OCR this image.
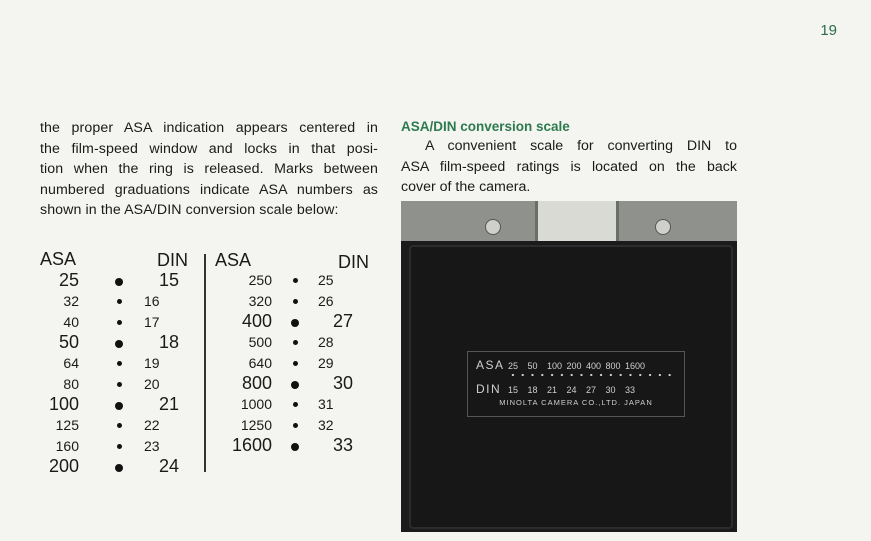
19
the proper ASA indication appears centered in
the film-speed window and locks in that posi-
tion when the ring is released. Marks between
numbered graduations indicate ASA numbers as
shown in the ASA/DIN conversion scale below:
ASA/DIN conversion scale
A convenient scale for converting DIN to
ASA film-speed ratings is located on the back
cover of the camera.
ASA	DIN ASA	DIN
25	15
32	16
40	17
50	18
64	19
80	20
100	21
125	22
160	23
200	24
250	25
320	26
400	27
500	28
640	29
800	30
1000	31
1250	32
1600	33
ASA 25 50 100 200 400 800 1600
DIN 15 18 21 24 27 30 33
MINOLTA CAMERA CO.,LTD. JAPAN
